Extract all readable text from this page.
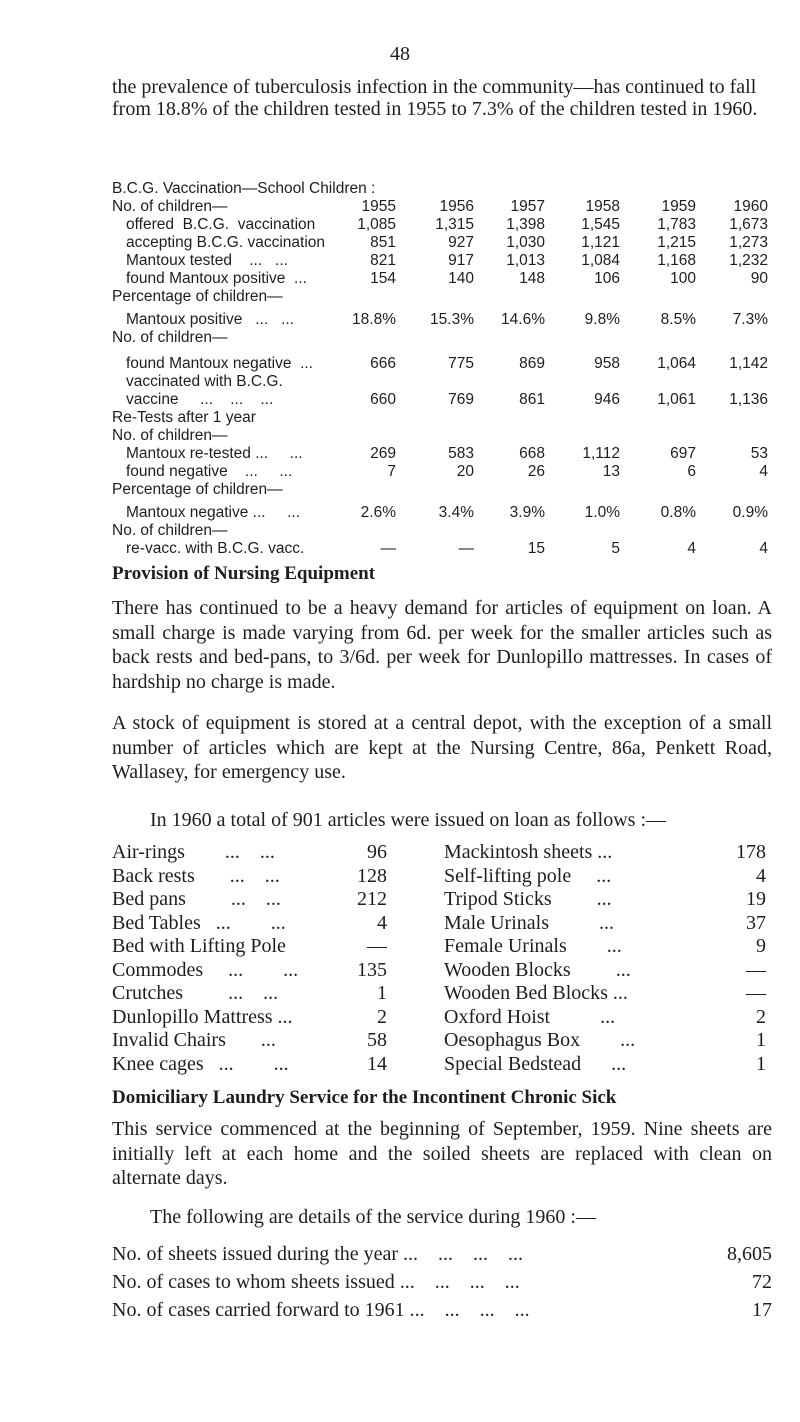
48

the prevalence of tuberculosis infection in the community—has continued to fall from 18.8% of the children tested in 1955 to 7.3% of the children tested in 1960.

B.C.G. Vaccination—School Children :
No. of children—	1955	1956	1957	1958	1959	1960
offered  B.C.G.  vaccination	1,085	1,315	1,398	1,545	1,783	1,673
accepting B.C.G. vaccination	851	927	1,030	1,121	1,215	1,273
Mantoux tested    ...   ...	821	917	1,013	1,084	1,168	1,232
found Mantoux positive  ...	154	140	148	106	100	90
Percentage of children—
Mantoux positive   ...   ...	18.8%	15.3%	14.6%	9.8%	8.5%	7.3%
No. of children—
found Mantoux negative  ...	666	775	869	958	1,064	1,142
vaccinated with B.C.G.
vaccine     ...    ...    ...	660	769	861	946	1,061	1,136
Re-Tests after 1 year
No. of children—
Mantoux re-tested ...     ...	269	583	668	1,112	697	53
found negative    ...     ...	7	20	26	13	6	4
Percentage of children—
Mantoux negative ...     ...	2.6%	3.4%	3.9%	1.0%	0.8%	0.9%
No. of children—
re-vacc. with B.C.G. vacc.	—	—	15	5	4	4
Provision of Nursing Equipment

There has continued to be a heavy demand for articles of equipment on loan. A small charge is made varying from 6d. per week for the smaller articles such as back rests and bed-pans, to 3/6d. per week for Dunlopillo mattresses. In cases of hardship no charge is made.

A stock of equipment is stored at a central depot, with the exception of a small number of articles which are kept at the Nursing Centre, 86a, Penkett Road, Wallasey, for emergency use.

In 1960 a total of 901 articles were issued on loan as follows :—

Air-rings        ...    ...	96
Back rests       ...    ...	128
Bed pans         ...    ...	212
Bed Tables   ...        ...	4
Bed with Lifting Pole	—
Commodes     ...        ...	135
Crutches         ...    ...	1
Dunlopillo Mattress ...	2
Invalid Chairs       ...	58
Knee cages   ...        ...	14
Mackintosh sheets ...	178
Self-lifting pole     ...	4
Tripod Sticks         ...	19
Male Urinals          ...	37
Female Urinals        ...	9
Wooden Blocks         ...	—
Wooden Bed Blocks ...	—
Oxford Hoist          ...	2
Oesophagus Box        ...	1
Special Bedstead      ...	1
Domiciliary Laundry Service for the Incontinent Chronic Sick

This service commenced at the beginning of September, 1959. Nine sheets are initially left at each home and the soiled sheets are replaced with clean on alternate days.

The following are details of the service during 1960 :—

No. of sheets issued during the year ...    ...    ...    ...	8,605
No. of cases to whom sheets issued ...    ...    ...    ...	72
No. of cases carried forward to 1961 ...    ...    ...    ...	17
